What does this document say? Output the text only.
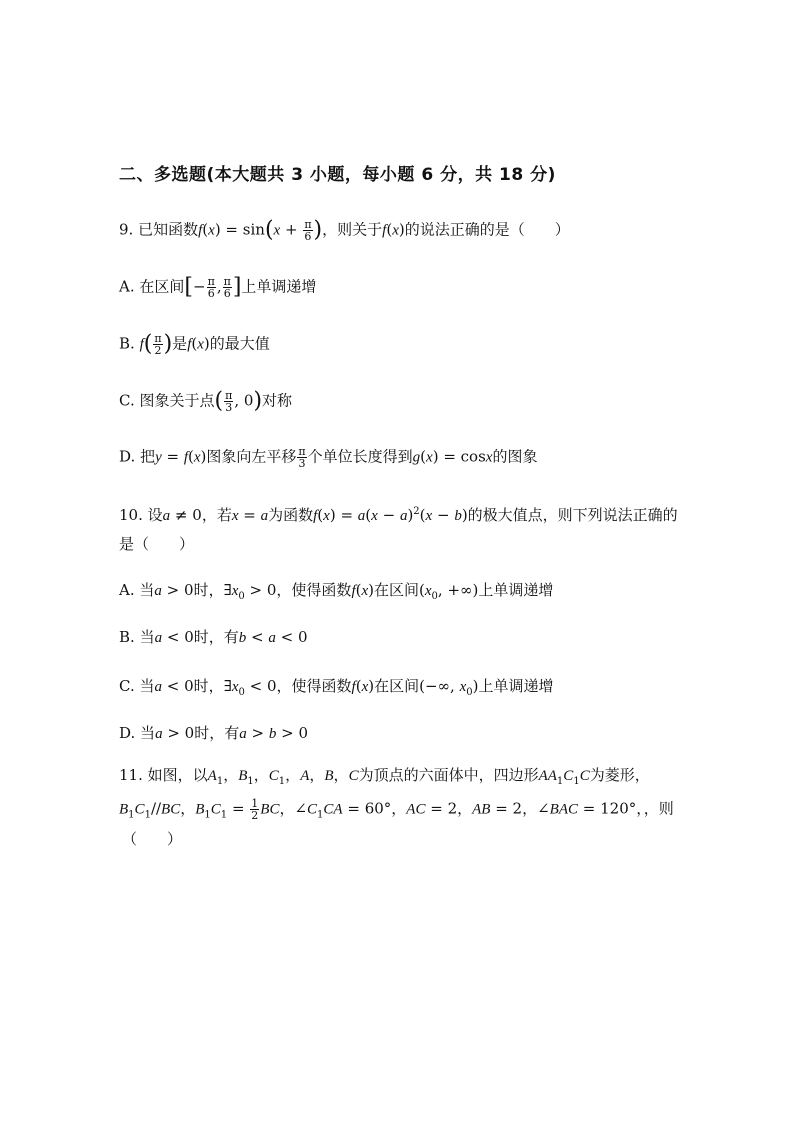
二、多选题(本大题共 3 小题，每小题 6 分，共 18 分)
9. 已知函数$f(x) = \sin(x + \frac{\pi}{6}$ )，则关于f(x)的说法正确的是（　　）
A. 在区间[− $\frac{\pi}{6}$ , $\frac{\pi}{6}$ ]上单调递增
B. $f( \frac{\pi}{2}$ )是f(x)的最大值
C. 图象关于点( $\frac{\pi}{3}$ , 0)对称
D. 把y = f(x)图象向左平移 $\frac{\pi}{3}$ 个单位长度得到g(x) = cosx的图象
10. 设a ≠ 0，若x = a为函数$f(x) = a(x - a)^2(x - b)$的极大值点，则下列说法正确的
是（　　）
A. 当a > 0时，$\exists x_0 > 0$，使得函数f(x)在区间($x_0$, +∞)上单调递增
B. 当a < 0时，有b < a < 0
C. 当a < 0时，$\exists x_0 < 0$，使得函数f(x)在区间(−∞, $x_0$)上单调递增
D. 当a > 0时，有a > b > 0
11. 如图，以$A_1$，$B_1$，$C_1$，A，B，C为顶点的六面体中，四边形$AA_1C_1C$为菱形，
$B_1C_1//BC$，$B_1C_1 = \frac{1}{2}$ BC，$\angle C_1CA = 60^\circ$，AC = 2，AB = 2，∠BAC = 120°，，则
（　　）
